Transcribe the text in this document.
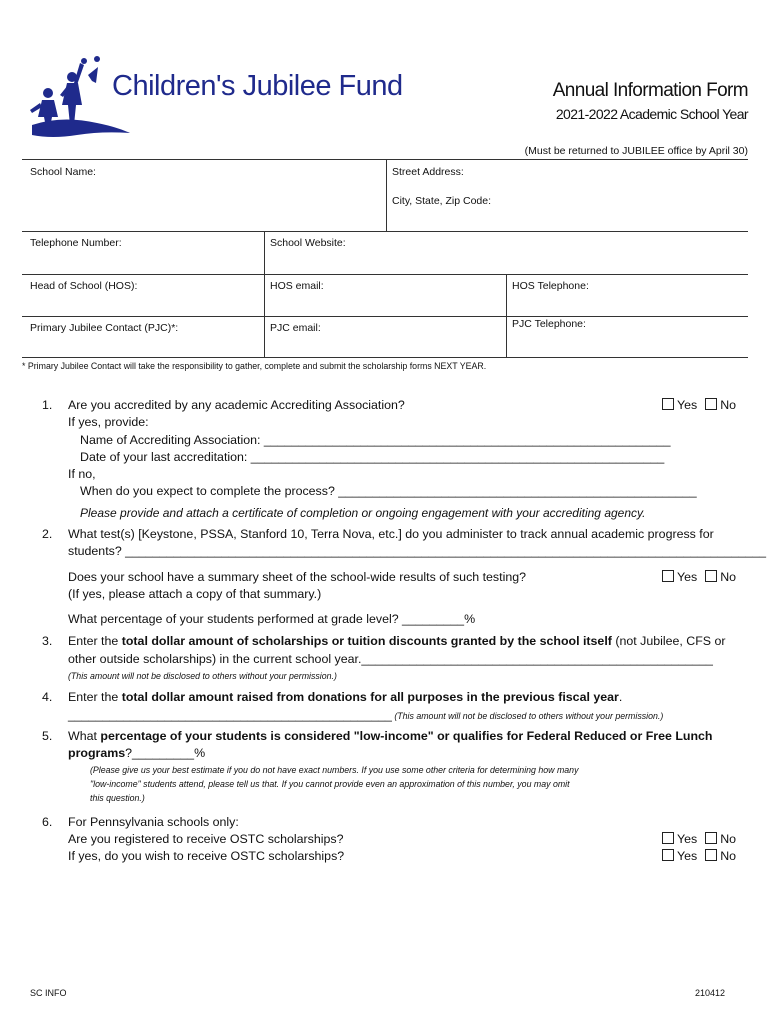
Children's Jubilee Fund	Annual Information Form
2021-2022 Academic School Year
(Must be returned to JUBILEE office by April 30)
School Name:	Street Address:
City, State, Zip Code:
Telephone Number:	School Website:
Head of School (HOS):	HOS email:	HOS Telephone:
Primary Jubilee Contact (PJC)*:	PJC email:	PJC Telephone:
* Primary Jubilee Contact will take the responsibility to gather, complete and submit the scholarship forms NEXT YEAR.
1. Are you accredited by any academic Accrediting Association?	Yes No
If yes, provide:
Name of Accrediting Association: ___________________________________________________________
Date of your last accreditation: ____________________________________________________________
If no,
When do you expect to complete the process? ____________________________________________________
Please provide and attach a certificate of completion or ongoing engagement with your accrediting agency.
2. What test(s) [Keystone, PSSA, Stanford 10, Terra Nova, etc.] do you administer to track annual academic progress for
students? _____________________________________________________________________________________________
Does your school have a summary sheet of the school-wide results of such testing?	Yes No
(If yes, please attach a copy of that summary.)
What percentage of your students performed at grade level? _________%
3. Enter the total dollar amount of scholarships or tuition discounts granted by the school itself (not Jubilee, CFS or
other outside scholarships) in the current school year.___________________________________________________
(This amount will not be disclosed to others without your permission.)
4. Enter the total dollar amount raised from donations for all purposes in the previous fiscal year.
_______________________________________________ (This amount will not be disclosed to others without your permission.)
5. What percentage of your students is considered "low-income" or qualifies for Federal Reduced or Free Lunch
programs?_________%
(Please give us your best estimate if you do not have exact numbers. If you use some other criteria for determining how many
"low-income" students attend, please tell us that. If you cannot provide even an approximation of this number, you may omit
this question.)
6. For Pennsylvania schools only:
Are you registered to receive OSTC scholarships?	Yes No
If yes, do you wish to receive OSTC scholarships?	Yes No
SC INFO	210412
